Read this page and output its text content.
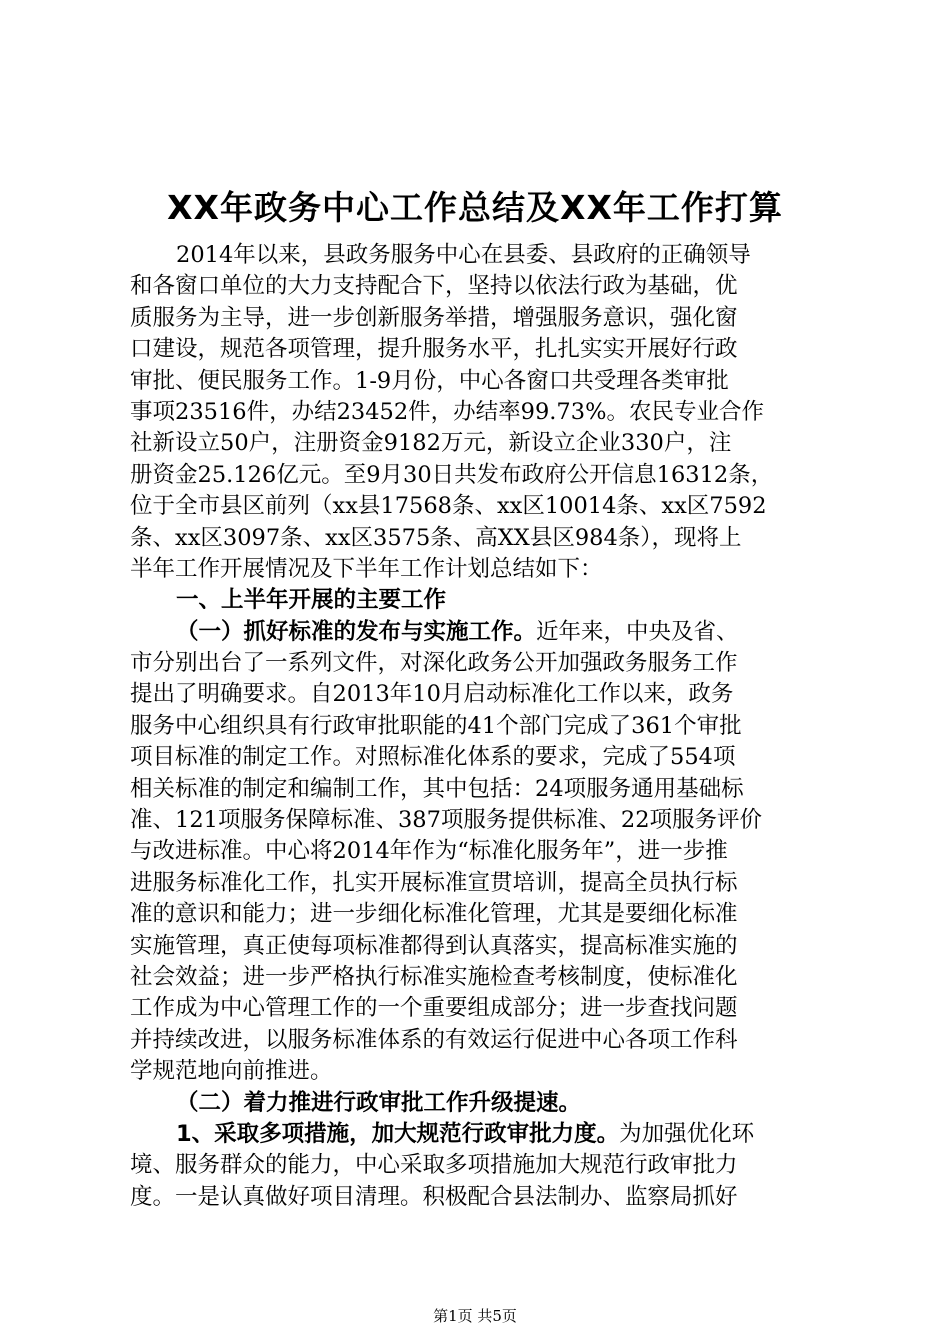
XX年政务中心工作总结及XX年工作打算
2014年以来，县政务服务中心在县委、县政府的正确领导
和各窗口单位的大力支持配合下，坚持以依法行政为基础，优
质服务为主导，进一步创新服务举措，增强服务意识，强化窗
口建设，规范各项管理，提升服务水平，扎扎实实开展好行政
审批、便民服务工作。1-9月份，中心各窗口共受理各类审批
事项23516件，办结23452件，办结率99.73%。农民专业合作
社新设立50户，注册资金9182万元，新设立企业330户，注
册资金25.126亿元。至9月30日共发布政府公开信息16312条，
位于全市县区前列（xx县17568条、xx区10014条、xx区7592
条、xx区3097条、xx区3575条、高XX县区984条），现将上
半年工作开展情况及下半年工作计划总结如下：
一、上半年开展的主要工作
（一）抓好标准的发布与实施工作。近年来，中央及省、
市分别出台了一系列文件，对深化政务公开加强政务服务工作
提出了明确要求。自2013年10月启动标准化工作以来，政务
服务中心组织具有行政审批职能的41个部门完成了361个审批
项目标准的制定工作。对照标准化体系的要求，完成了554项
相关标准的制定和编制工作，其中包括：24项服务通用基础标
准、121项服务保障标准、387项服务提供标准、22项服务评价
与改进标准。中心将2014年作为“标准化服务年”，进一步推
进服务标准化工作，扎实开展标准宣贯培训，提高全员执行标
准的意识和能力；进一步细化标准化管理，尤其是要细化标准
实施管理，真正使每项标准都得到认真落实，提高标准实施的
社会效益；进一步严格执行标准实施检查考核制度，使标准化
工作成为中心管理工作的一个重要组成部分；进一步查找问题
并持续改进，以服务标准体系的有效运行促进中心各项工作科
学规范地向前推进。
（二）着力推进行政审批工作升级提速。
1、采取多项措施，加大规范行政审批力度。为加强优化环
境、服务群众的能力，中心采取多项措施加大规范行政审批力
度。一是认真做好项目清理。积极配合县法制办、监察局抓好
第1页 共5页
